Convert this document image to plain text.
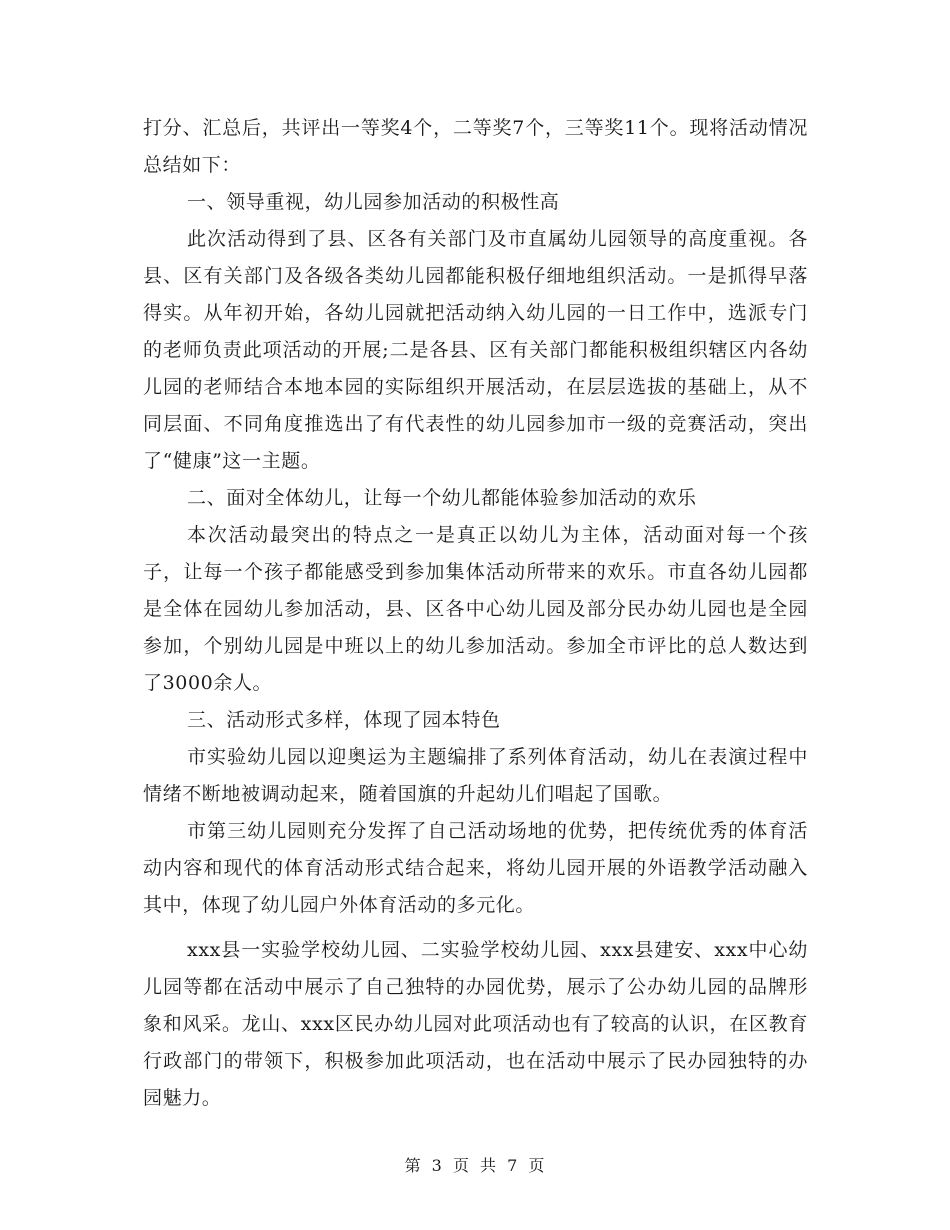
打分、汇总后，共评出一等奖4个，二等奖7个，三等奖11个。现将活动情况总结如下：

一、领导重视，幼儿园参加活动的积极性高

此次活动得到了县、区各有关部门及市直属幼儿园领导的高度重视。各县、区有关部门及各级各类幼儿园都能积极仔细地组织活动。一是抓得早落得实。从年初开始，各幼儿园就把活动纳入幼儿园的一日工作中，选派专门的老师负责此项活动的开展;二是各县、区有关部门都能积极组织辖区内各幼儿园的老师结合本地本园的实际组织开展活动，在层层选拔的基础上，从不同层面、不同角度推选出了有代表性的幼儿园参加市一级的竞赛活动，突出了“健康”这一主题。

二、面对全体幼儿，让每一个幼儿都能体验参加活动的欢乐

本次活动最突出的特点之一是真正以幼儿为主体，活动面对每一个孩子，让每一个孩子都能感受到参加集体活动所带来的欢乐。市直各幼儿园都是全体在园幼儿参加活动，县、区各中心幼儿园及部分民办幼儿园也是全园参加，个别幼儿园是中班以上的幼儿参加活动。参加全市评比的总人数达到了3000余人。

三、活动形式多样，体现了园本特色

市实验幼儿园以迎奥运为主题编排了系列体育活动，幼儿在表演过程中情绪不断地被调动起来，随着国旗的升起幼儿们唱起了国歌。

市第三幼儿园则充分发挥了自己活动场地的优势，把传统优秀的体育活动内容和现代的体育活动形式结合起来，将幼儿园开展的外语教学活动融入其中，体现了幼儿园户外体育活动的多元化。

xxx县一实验学校幼儿园、二实验学校幼儿园、xxx县建安、xxx中心幼儿园等都在活动中展示了自己独特的办园优势，展示了公办幼儿园的品牌形象和风采。龙山、xxx区民办幼儿园对此项活动也有了较高的认识，在区教育行政部门的带领下，积极参加此项活动，也在活动中展示了民办园独特的办园魅力。

第 3 页 共 7 页
